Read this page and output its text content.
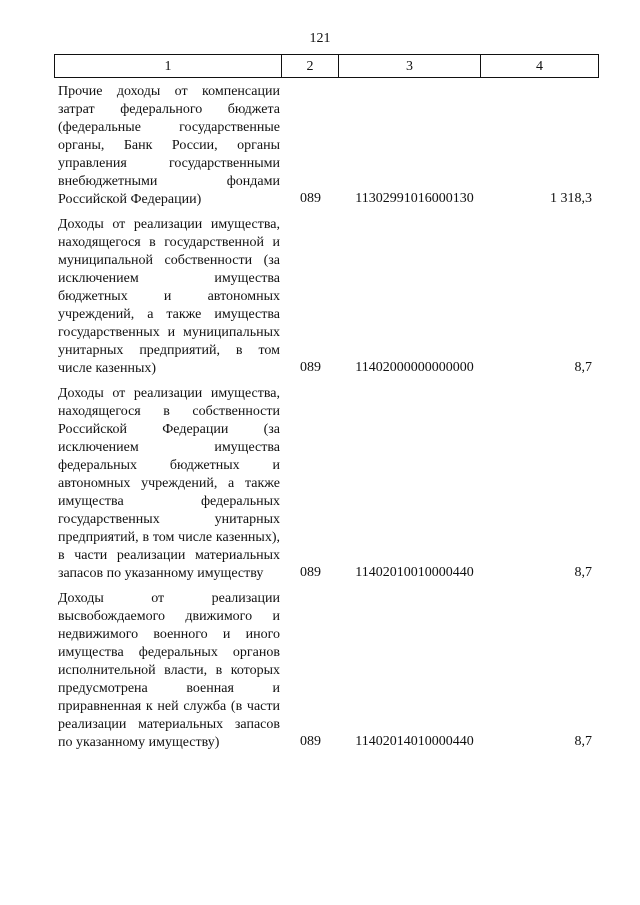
121
1	2	3	4
Прочие доходы от компенсации затрат федерального бюджета (федеральные государственные органы, Банк России, органы управления государственными внебюджетными фондами Российской Федерации)	089	11302991016000130	1 318,3
Доходы от реализации имущества, находящегося в государственной и муниципальной собственности (за исключением имущества бюджетных и автономных учреждений, а также имущества государственных и муниципальных унитарных предприятий, в том числе казенных)	089	11402000000000000	8,7
Доходы от реализации имущества, находящегося в собственности Российской Федерации (за исключением имущества федеральных бюджетных и автономных учреждений, а также имущества федеральных государственных унитарных предприятий, в том числе казенных), в части реализации материальных запасов по указанному имуществу	089	11402010010000440	8,7
Доходы от реализации высвобождаемого движимого и недвижимого военного и иного имущества федеральных органов исполнительной власти, в которых предусмотрена военная и приравненная к ней служба (в части реализации материальных запасов по указанному имуществу)	089	11402014010000440	8,7
